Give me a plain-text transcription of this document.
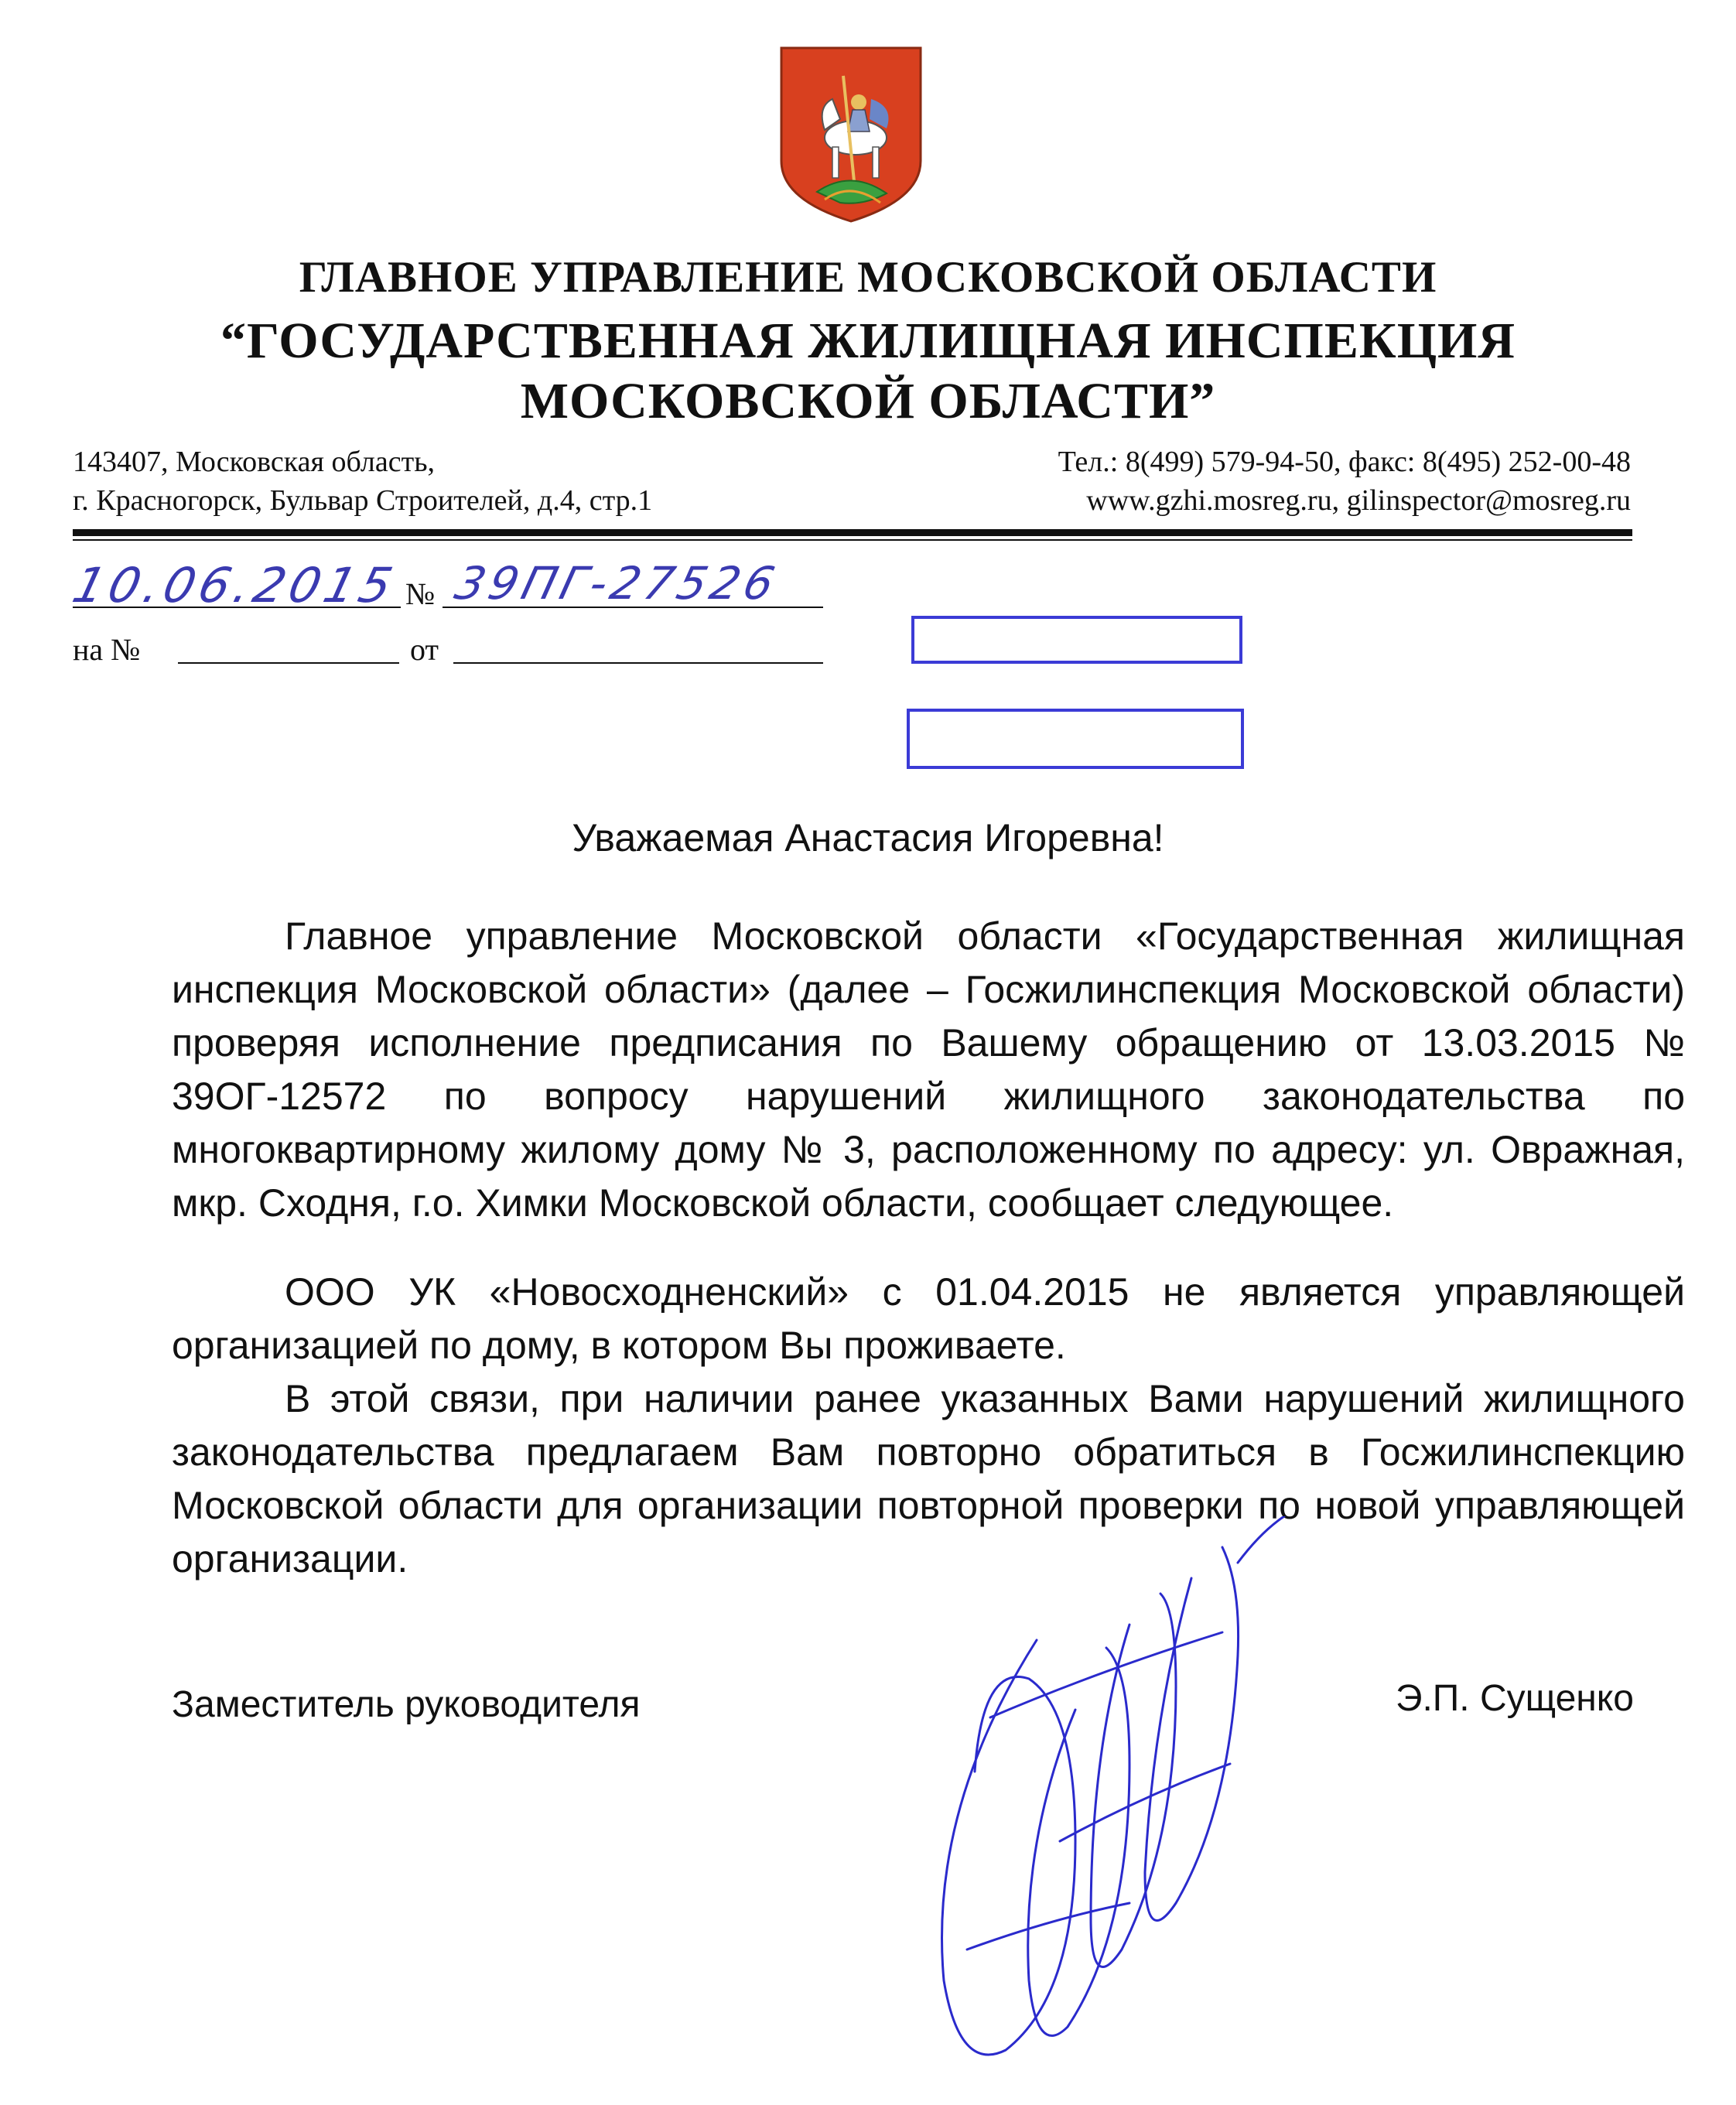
ГЛАВНОЕ УПРАВЛЕНИЕ МОСКОВСКОЙ ОБЛАСТИ
“ГОСУДАРСТВЕННАЯ ЖИЛИЩНАЯ ИНСПЕКЦИЯ
МОСКОВСКОЙ ОБЛАСТИ”
143407, Московская область,
г. Красногорск, Бульвар Строителей, д.4, стр.1
Тел.: 8(499) 579-94-50, факс: 8(495) 252-00-48
www.gzhi.mosreg.ru, gilinspector@mosreg.ru
10.06.2015 № 39ПГ-27526
на №	от
Уважаемая Анастасия Игоревна!

Главное управление Московской области «Государственная жилищная инспекция Московской области» (далее – Госжилинспекция Московской области) проверяя исполнение предписания по Вашему обращению от 13.03.2015 № 39ОГ-12572 по вопросу нарушений жилищного законодательства по многоквартирному жилому дому № 3, расположенному по адресу: ул. Овражная, мкр. Сходня, г.о. Химки Московской области, сообщает следующее.

ООО УК «Новосходненский» с 01.04.2015 не является управляющей организацией по дому, в котором Вы проживаете.

В этой связи, при наличии ранее указанных Вами нарушений жилищного законодательства предлагаем Вам повторно обратиться в Госжилинспекцию Московской области для организации повторной проверки по новой управляющей организации.

Заместитель руководителя	Э.П. Сущенко
